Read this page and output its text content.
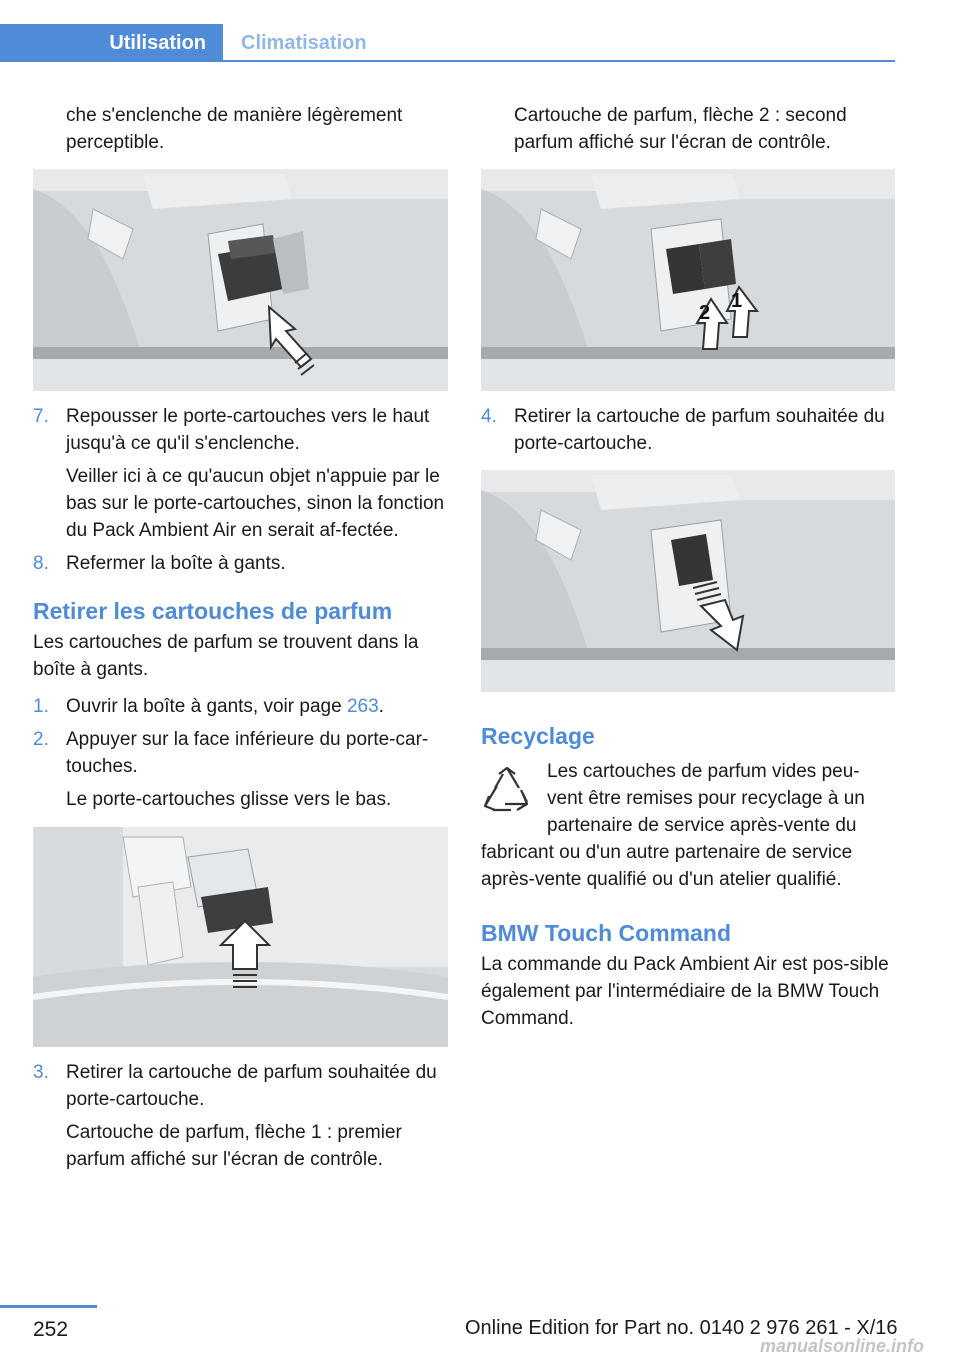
Utilisation	Climatisation

che s'enclenche de manière légèrement perceptible.

7. Repousser le porte-cartouches vers le haut jusqu'à ce qu'il s'enclenche.

Veiller ici à ce qu'aucun objet n'appuie par le bas sur le porte-cartouches, sinon la fonction du Pack Ambient Air en serait af-fectée.

8. Refermer la boîte à gants.

Retirer les cartouches de parfum

Les cartouches de parfum se trouvent dans la boîte à gants.

1. Ouvrir la boîte à gants, voir page 263.

2. Appuyer sur la face inférieure du porte-car-touches.

Le porte-cartouches glisse vers le bas.

3. Retirer la cartouche de parfum souhaitée du porte-cartouche.

Cartouche de parfum, flèche 1 : premier parfum affiché sur l'écran de contrôle.

Cartouche de parfum, flèche 2 : second parfum affiché sur l'écran de contrôle.

2
1
4. Retirer la cartouche de parfum souhaitée du porte-cartouche.

Recyclage

Les cartouches de parfum vides peu-vent être remises pour recyclage à un partenaire de service après-vente du fabricant ou d'un autre partenaire de service après-vente qualifié ou d'un atelier qualifié.

BMW Touch Command

La commande du Pack Ambient Air est pos-sible également par l'intermédiaire de la BMW Touch Command.

252	Online Edition for Part no. 0140 2 976 261 - X/16
manualsonline.info
